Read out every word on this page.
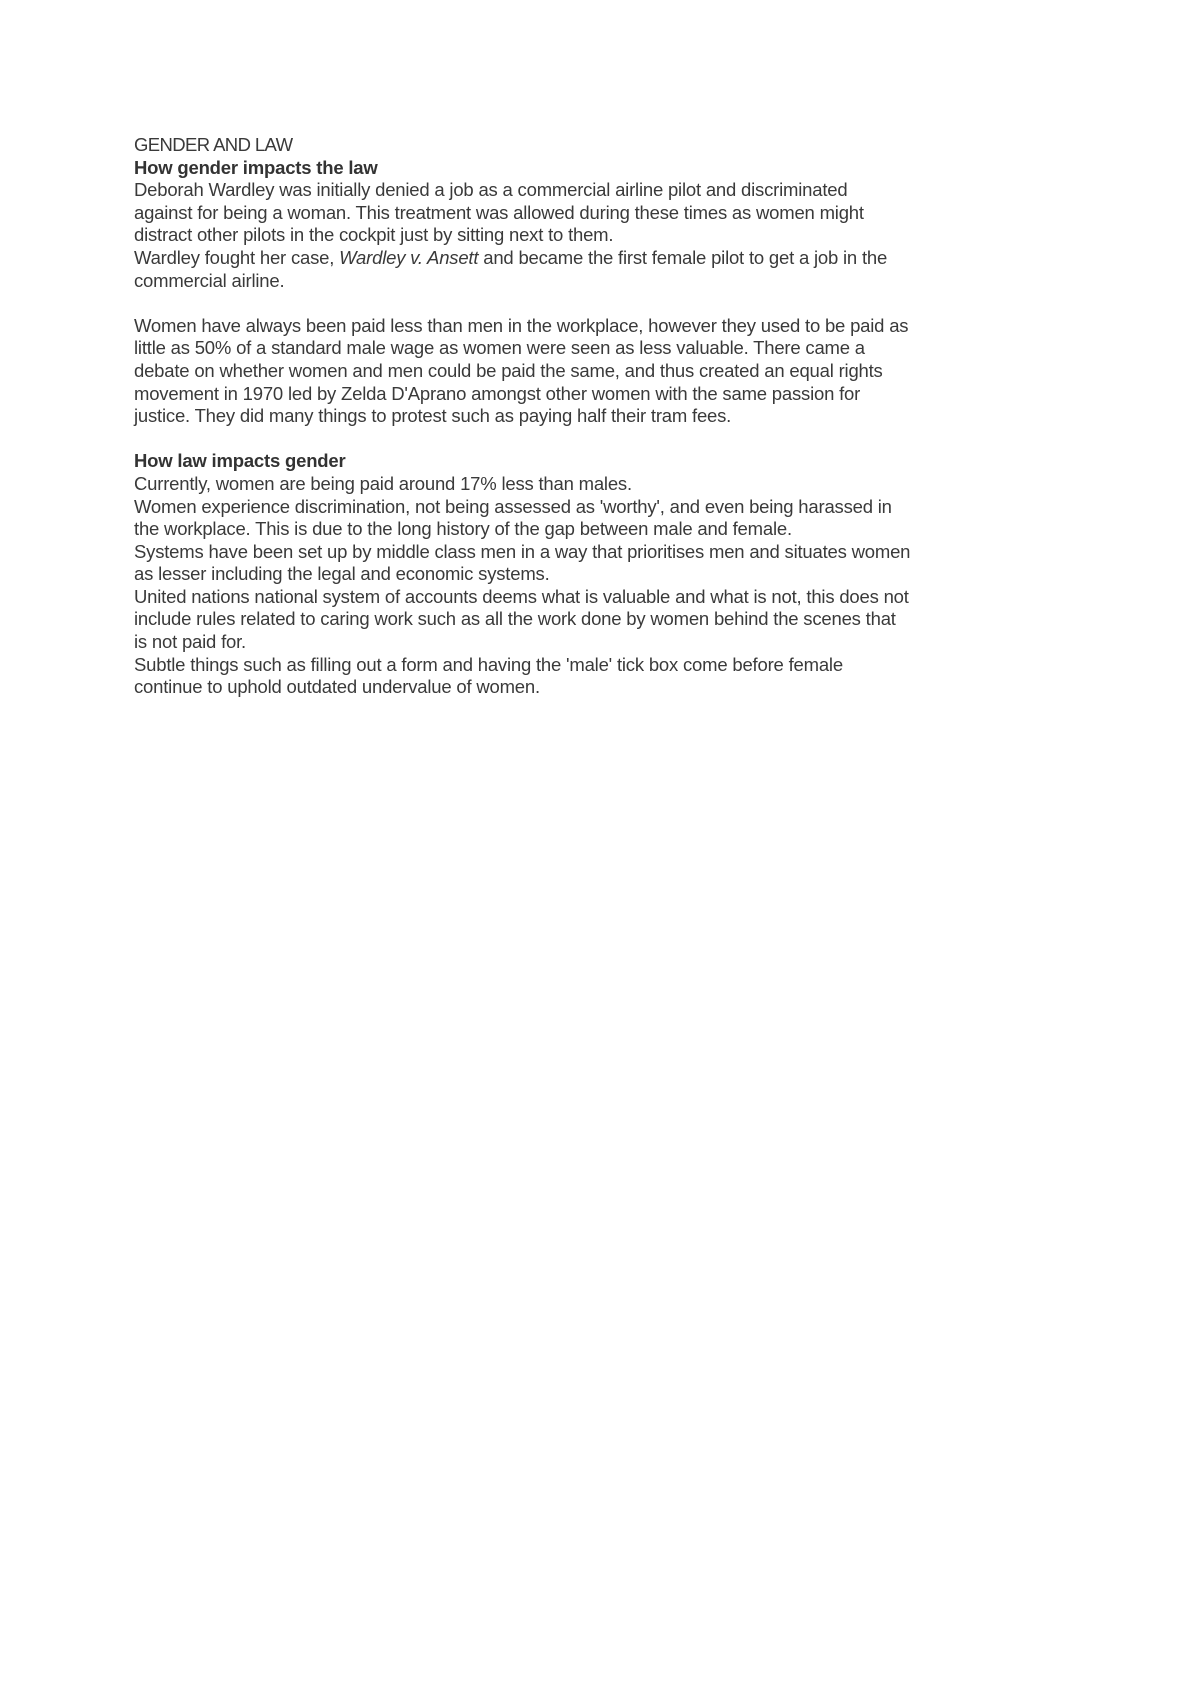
GENDER AND LAW
How gender impacts the law
Deborah Wardley was initially denied a job as a commercial airline pilot and discriminated
against for being a woman. This treatment was allowed during these times as women might
distract other pilots in the cockpit just by sitting next to them.
Wardley fought her case, Wardley v. Ansett and became the first female pilot to get a job in the
commercial airline.
Women have always been paid less than men in the workplace, however they used to be paid as
little as 50% of a standard male wage as women were seen as less valuable. There came a
debate on whether women and men could be paid the same, and thus created an equal rights
movement in 1970 led by Zelda D'Aprano amongst other women with the same passion for
justice. They did many things to protest such as paying half their tram fees.
How law impacts gender
Currently, women are being paid around 17% less than males.
Women experience discrimination, not being assessed as 'worthy', and even being harassed in
the workplace. This is due to the long history of the gap between male and female.
Systems have been set up by middle class men in a way that prioritises men and situates women
as lesser including the legal and economic systems.
United nations national system of accounts deems what is valuable and what is not, this does not
include rules related to caring work such as all the work done by women behind the scenes that
is not paid for.
Subtle things such as filling out a form and having the 'male' tick box come before female
continue to uphold outdated undervalue of women.
